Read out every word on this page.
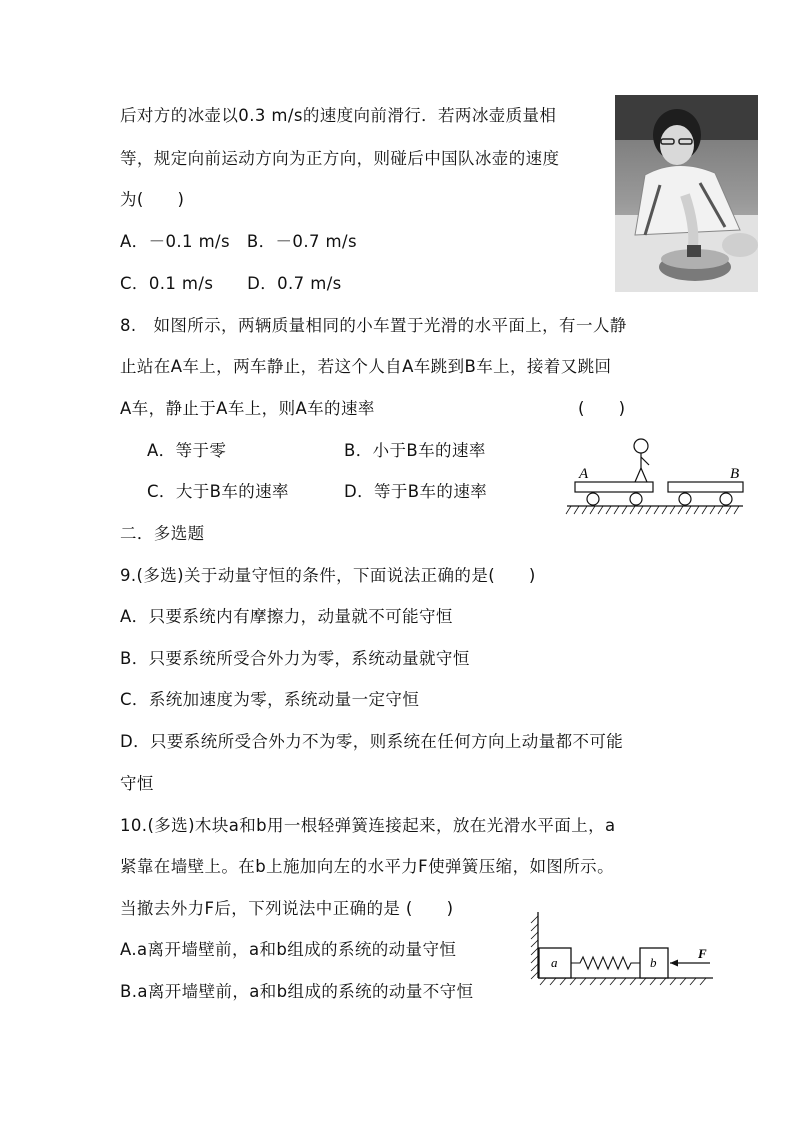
后对方的冰壶以0.3 m/s的速度向前滑行．若两冰壶质量相
等，规定向前运动方向为正方向，则碰后中国队冰壶的速度
为(　　)
A．－0.1 m/s　B．－0.7 m/s
C．0.1 m/s　　D．0.7 m/s
8.　如图所示，两辆质量相同的小车置于光滑的水平面上，有一人静
止站在A车上，两车静止，若这个人自A车跳到B车上，接着又跳回
A车，静止于A车上，则A车的速率	(　　)
A．等于零	B．小于B车的速率
C．大于B车的速率	D．等于B车的速率
A	B
二．多选题
9.(多选)关于动量守恒的条件，下面说法正确的是(　　)
A．只要系统内有摩擦力，动量就不可能守恒
B．只要系统所受合外力为零，系统动量就守恒
C．系统加速度为零，系统动量一定守恒
D．只要系统所受合外力不为零，则系统在任何方向上动量都不可能
守恒
10.(多选)木块a和b用一根轻弹簧连接起来，放在光滑水平面上，a
紧靠在墙壁上。在b上施加向左的水平力F使弹簧压缩，如图所示。
当撤去外力F后，下列说法中正确的是 (　　)
A.a离开墙壁前，a和b组成的系统的动量守恒
B.a离开墙壁前，a和b组成的系统的动量不守恒
a	b
F
